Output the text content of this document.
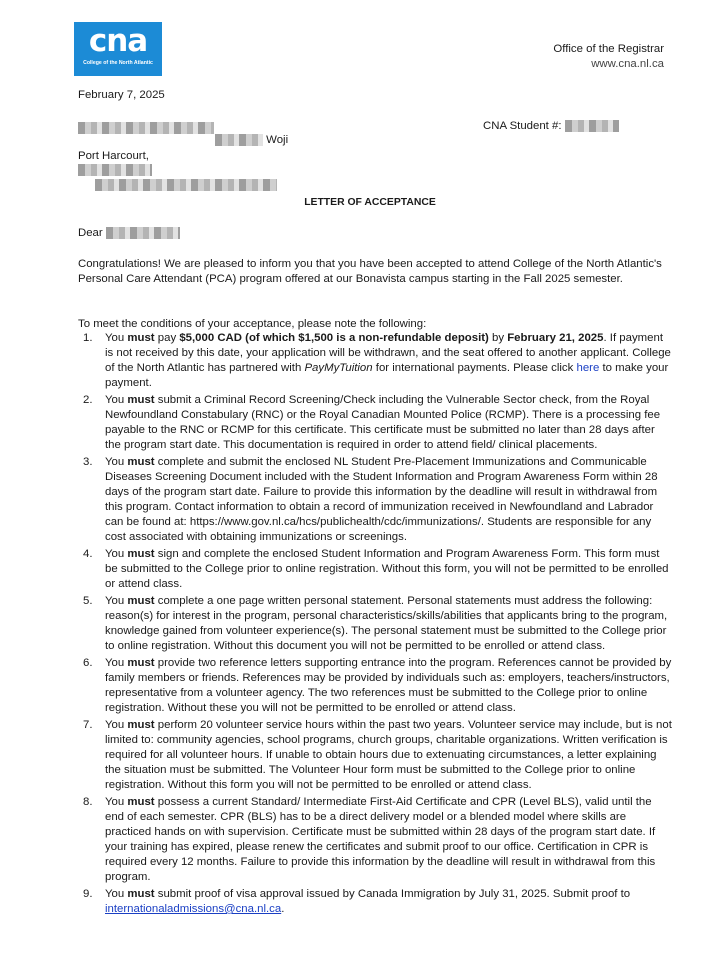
cna
College of the North Atlantic
Office of the Registrar
www.cna.nl.ca
February 7, 2025
Woji
Port Harcourt,
CNA Student #:
LETTER OF ACCEPTANCE
Dear
Congratulations! We are pleased to inform you that you have been accepted to attend College of the North Atlantic's Personal Care Attendant (PCA) program offered at our Bonavista campus starting in the Fall 2025 semester.
To meet the conditions of your acceptance, please note the following:
1. You must pay $5,000 CAD (of which $1,500 is a non-refundable deposit) by February 21, 2025. If payment is not received by this date, your application will be withdrawn, and the seat offered to another applicant. College of the North Atlantic has partnered with PayMyTuition for international payments. Please click here to make your payment.
2. You must submit a Criminal Record Screening/Check including the Vulnerable Sector check, from the Royal Newfoundland Constabulary (RNC) or the Royal Canadian Mounted Police (RCMP). There is a processing fee payable to the RNC or RCMP for this certificate. This certificate must be submitted no later than 28 days after the program start date. This documentation is required in order to attend field/ clinical placements.
3. You must complete and submit the enclosed NL Student Pre-Placement Immunizations and Communicable Diseases Screening Document included with the Student Information and Program Awareness Form within 28 days of the program start date. Failure to provide this information by the deadline will result in withdrawal from this program. Contact information to obtain a record of immunization received in Newfoundland and Labrador can be found at: https://www.gov.nl.ca/hcs/publichealth/cdc/immunizations/. Students are responsible for any cost associated with obtaining immunizations or screenings.
4. You must sign and complete the enclosed Student Information and Program Awareness Form. This form must be submitted to the College prior to online registration. Without this form, you will not be permitted to be enrolled or attend class.
5. You must complete a one page written personal statement. Personal statements must address the following: reason(s) for interest in the program, personal characteristics/skills/abilities that applicants bring to the program, knowledge gained from volunteer experience(s). The personal statement must be submitted to the College prior to online registration. Without this document you will not be permitted to be enrolled or attend class.
6. You must provide two reference letters supporting entrance into the program. References cannot be provided by family members or friends. References may be provided by individuals such as: employers, teachers/instructors, representative from a volunteer agency. The two references must be submitted to the College prior to online registration. Without these you will not be permitted to be enrolled or attend class.
7. You must perform 20 volunteer service hours within the past two years. Volunteer service may include, but is not limited to: community agencies, school programs, church groups, charitable organizations. Written verification is required for all volunteer hours. If unable to obtain hours due to extenuating circumstances, a letter explaining the situation must be submitted. The Volunteer Hour form must be submitted to the College prior to online registration. Without this form you will not be permitted to be enrolled or attend class.
8. You must possess a current Standard/ Intermediate First-Aid Certificate and CPR (Level BLS), valid until the end of each semester. CPR (BLS) has to be a direct delivery model or a blended model where skills are practiced hands on with supervision. Certificate must be submitted within 28 days of the program start date. If your training has expired, please renew the certificates and submit proof to our office. Certification in CPR is required every 12 months. Failure to provide this information by the deadline will result in withdrawal from this program.
9. You must submit proof of visa approval issued by Canada Immigration by July 31, 2025. Submit proof to internationaladmissions@cna.nl.ca.
